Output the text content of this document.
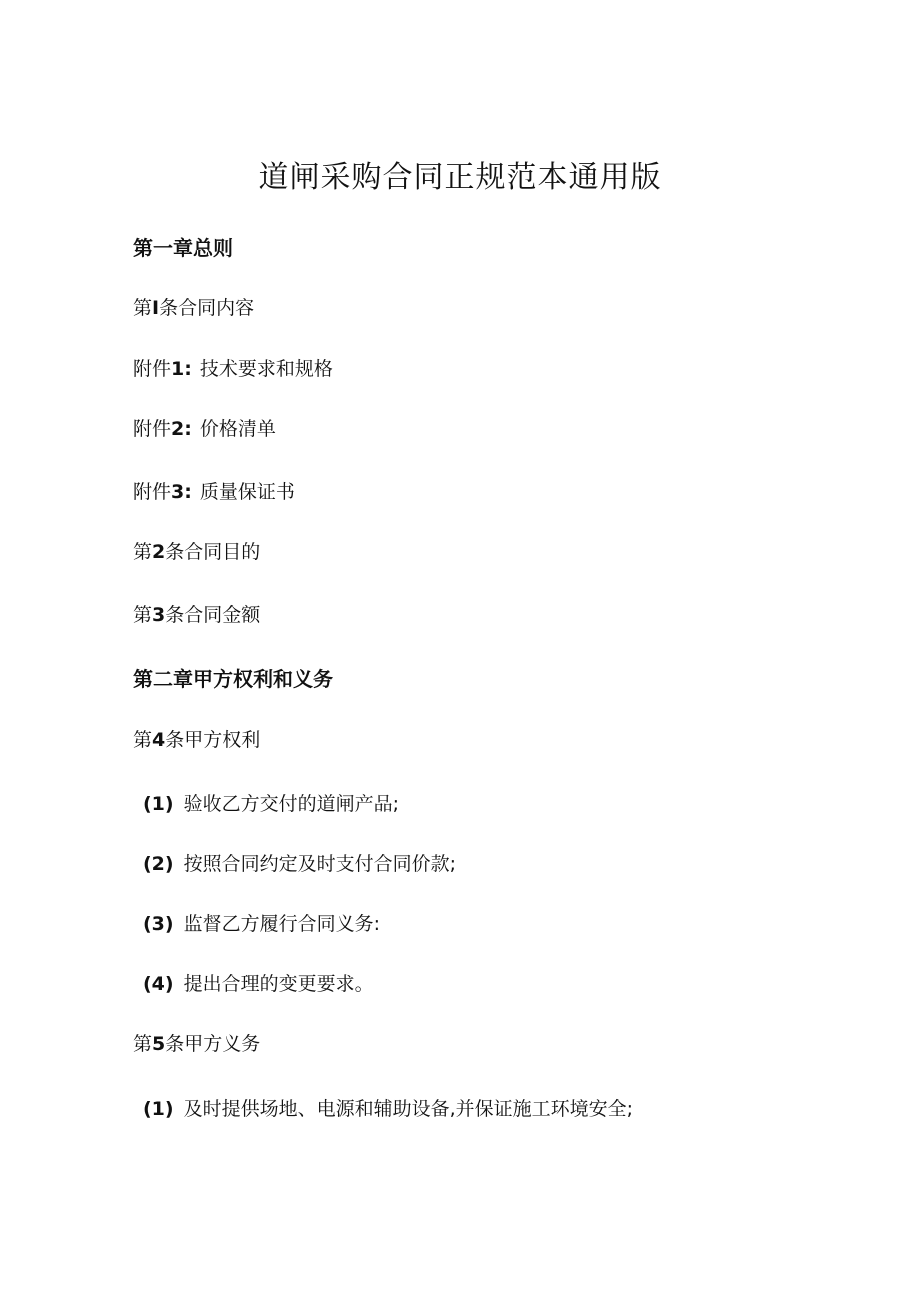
道闸采购合同正规范本通用版
第一章总则
第I条合同内容
附件1: 技术要求和规格
附件2: 价格清单
附件3: 质量保证书
第2条合同目的
第3条合同金额
第二章甲方权利和义务
第4条甲方权利
(1) 验收乙方交付的道闸产品;
(2) 按照合同约定及时支付合同价款;
(3) 监督乙方履行合同义务:
(4) 提出合理的变更要求。
第5条甲方义务
(1) 及时提供场地、电源和辅助设备,并保证施工环境安全;
